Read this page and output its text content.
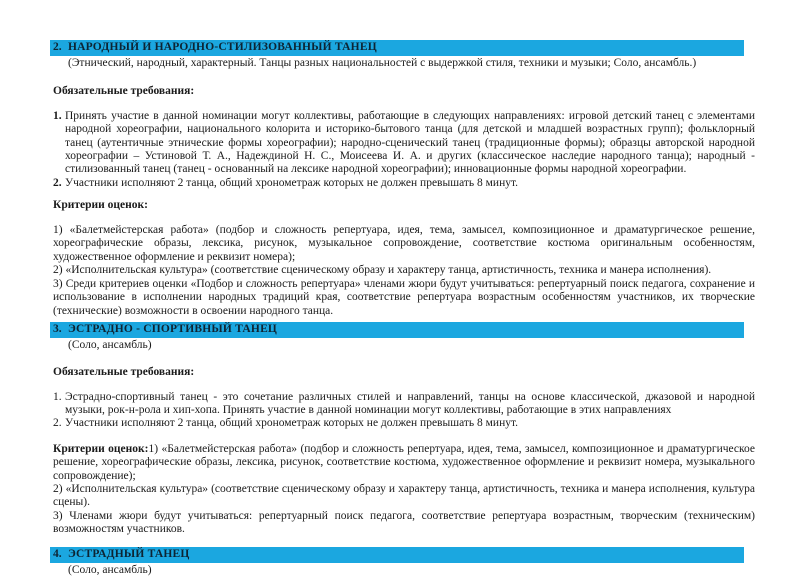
2. НАРОДНЫЙ И НАРОДНО-СТИЛИЗОВАННЫЙ ТАНЕЦ

(Этнический, народный, характерный. Танцы разных национальностей с выдержкой стиля, техники и музыки; Соло, ансамбль.)

Обязательные требования:

1. Принять участие в данной номинации могут коллективы, работающие в следующих направлениях: игровой детский танец с элементами народной хореографии, национального колорита и историко-бытового танца (для детской и младшей возрастных групп); фольклорный танец (аутентичные этнические формы хореографии); народно-сценический танец (традиционные формы); образцы авторской народной хореографии – Устиновой Т. А., Надеждиной Н. С., Моисеева И. А. и других (классическое наследие народного танца); народный - стилизованный танец (танец - основанный на лексике народной хореографии); инновационные формы народной хореографии.
2. Участники исполняют 2 танца, общий хронометраж которых не должен превышать 8 минут.

Критерии оценок:

1) «Балетмейстерская работа» (подбор и сложность репертуара, идея, тема, замысел, композиционное и драматургическое решение, хореографические образы, лексика, рисунок, музыкальное сопровождение, соответствие костюма оригинальным особенностям, художественное оформление и реквизит номера);

2) «Исполнительская культура» (соответствие сценическому образу и характеру танца, артистичность, техника и манера исполнения).

3) Среди критериев оценки «Подбор и сложность репертуара» членами жюри будут учитываться: репертуарный поиск педагога, сохранение и использование в исполнении народных традиций края, соответствие репертуара возрастным особенностям участников, их творческие (технические) возможности в освоении народного танца.

3. ЭСТРАДНО - СПОРТИВНЫЙ ТАНЕЦ

(Соло, ансамбль)

Обязательные требования:

1. Эстрадно-спортивный танец - это сочетание различных стилей и направлений, танцы на основе классической, джазовой и народной музыки, рок-н-рола и хип-хопа. Принять участие в данной номинации могут коллективы, работающие в этих направлениях
2. Участники исполняют 2 танца, общий хронометраж которых не должен превышать 8 минут.

Критерии оценок:1) «Балетмейстерская работа» (подбор и сложность репертуара, идея, тема, замысел, композиционное и драматургическое решение, хореографические образы, лексика, рисунок, соответствие костюма, художественное оформление и реквизит номера, музыкального сопровождение);

2) «Исполнительская культура» (соответствие сценическому образу и характеру танца, артистичность, техника и манера исполнения, культура сцены).

3) Членами жюри будут учитываться: репертуарный поиск педагога, соответствие репертуара возрастным, творческим (техническим) возможностям участников.

4. ЭСТРАДНЫЙ ТАНЕЦ

(Соло, ансамбль)
